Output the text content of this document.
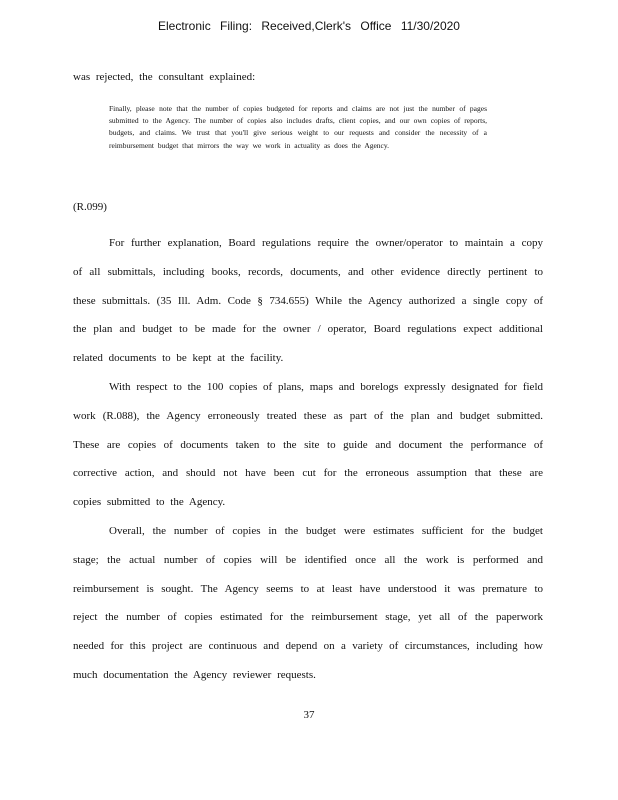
Electronic Filing: Received,Clerk's Office 11/30/2020
was rejected, the consultant explained:
Finally, please note that the number of copies budgeted for reports and claims are not just the number of pages submitted to the Agency. The number of copies also includes drafts, client copies, and our own copies of reports, budgets, and claims. We trust that you'll give serious weight to our requests and consider the necessity of a reimbursement budget that mirrors the way we work in actuality as does the Agency.
(R.099)

For further explanation, Board regulations require the owner/operator to maintain a copy of all submittals, including books, records, documents, and other evidence directly pertinent to these submittals. (35 Ill. Adm. Code § 734.655) While the Agency authorized a single copy of the plan and budget to be made for the owner / operator, Board regulations expect additional related documents to be kept at the facility.

With respect to the 100 copies of plans, maps and borelogs expressly designated for field work (R.088), the Agency erroneously treated these as part of the plan and budget submitted. These are copies of documents taken to the site to guide and document the performance of corrective action, and should not have been cut for the erroneous assumption that these are copies submitted to the Agency.

Overall, the number of copies in the budget were estimates sufficient for the budget stage; the actual number of copies will be identified once all the work is performed and reimbursement is sought. The Agency seems to at least have understood it was premature to reject the number of copies estimated for the reimbursement stage, yet all of the paperwork needed for this project are continuous and depend on a variety of circumstances, including how much documentation the Agency reviewer requests.

37
